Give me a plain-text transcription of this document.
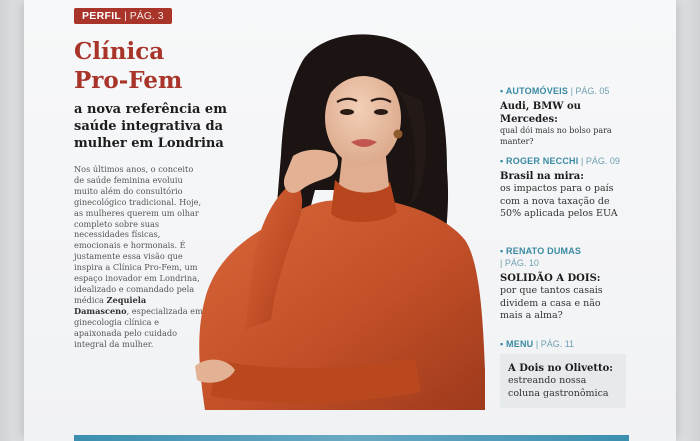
PERFIL | PÁG. 3
Clínica
Pro-Fem
a nova referência em saúde integrativa da mulher em Londrina
Nos últimos anos, o conceito de saúde feminina evoluiu muito além do consultório ginecológico tradicional. Hoje, as mulheres querem um olhar completo sobre suas necessidades físicas, emocionais e hormonais. É justamente essa visão que inspira a Clínica Pro-Fem, um espaço inovador em Londrina, idealizado e comandado pela médica Zequiela Damasceno, especializada em ginecologia clínica e apaixonada pelo cuidado integral da mulher.
• AUTOMÓVEIS | PÁG. 05
Audi, BMW ou Mercedes:
qual dói mais no bolso para manter?
• ROGER NECCHI | PÁG. 09
Brasil na mira:
os impactos para o país com a nova taxação de 50% aplicada pelos EUA
• RENATO DUMAS
| PÁG. 10
SOLIDÃO A DOIS:
por que tantos casais dividem a casa e não mais a alma?
• MENU | PÁG. 11
A Dois no Olivetto:
estreando nossa coluna gastronômica
